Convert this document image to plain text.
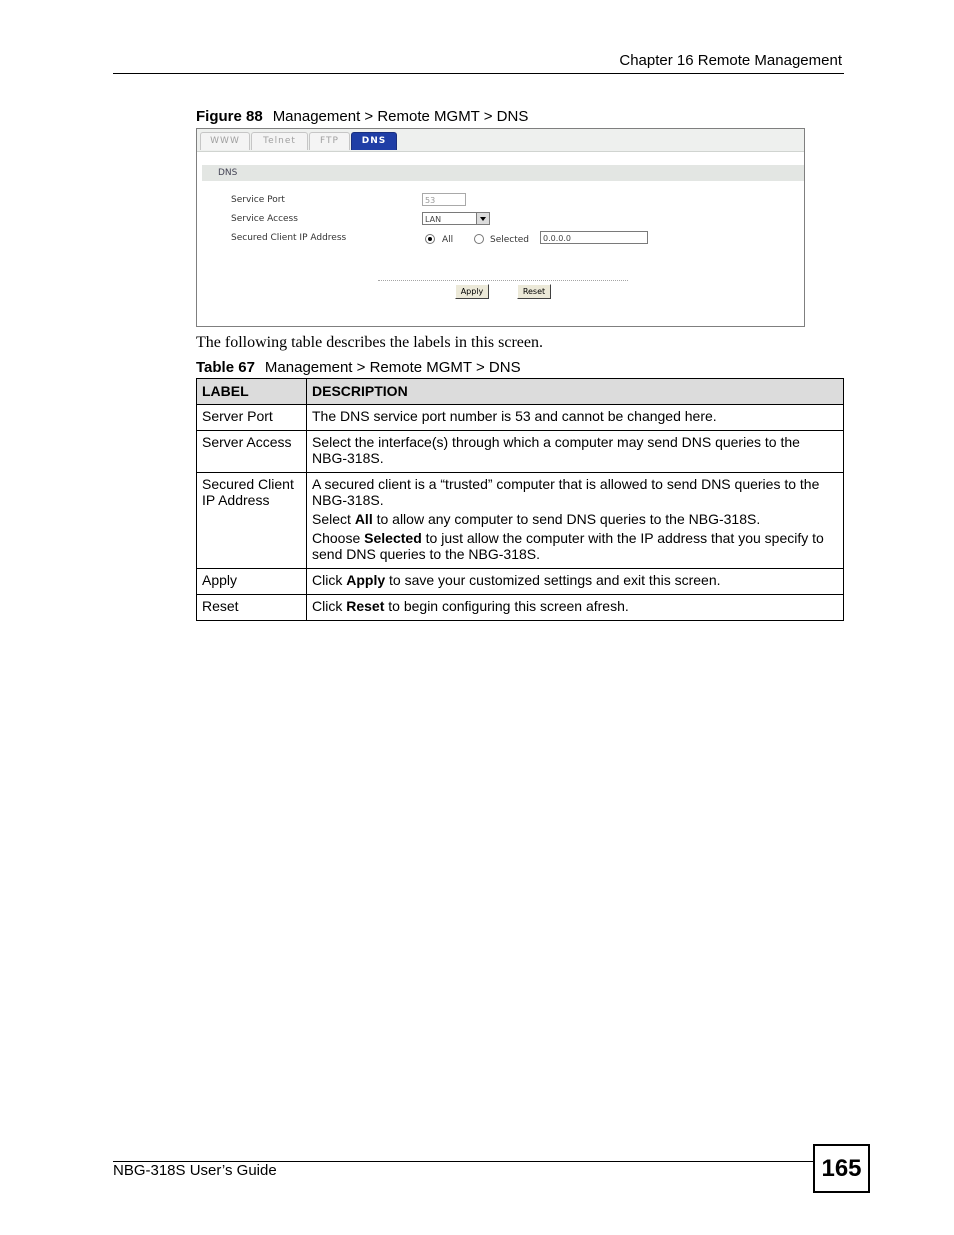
Chapter 16 Remote Management
Figure 88 Management > Remote MGMT > DNS
WWW	Telnet	FTP	DNS
DNS
Service Port	53
Service Access	LAN
Secured Client IP Address	All	Selected	0.0.0.0
Apply	Reset
The following table describes the labels in this screen.
Table 67 Management > Remote MGMT > DNS
LABEL	DESCRIPTION
Server Port	The DNS service port number is 53 and cannot be changed here.

Server Access	Select the interface(s) through which a computer may send DNS queries to the NBG-318S.

Secured Client IP Address	A secured client is a “trusted” computer that is allowed to send DNS queries to the NBG-318S.

Select All to allow any computer to send DNS queries to the NBG-318S.

Choose Selected to just allow the computer with the IP address that you specify to send DNS queries to the NBG-318S.

Apply	Click Apply to save your customized settings and exit this screen.
Reset	Click Reset to begin configuring this screen afresh.
NBG-318S User’s Guide	165
